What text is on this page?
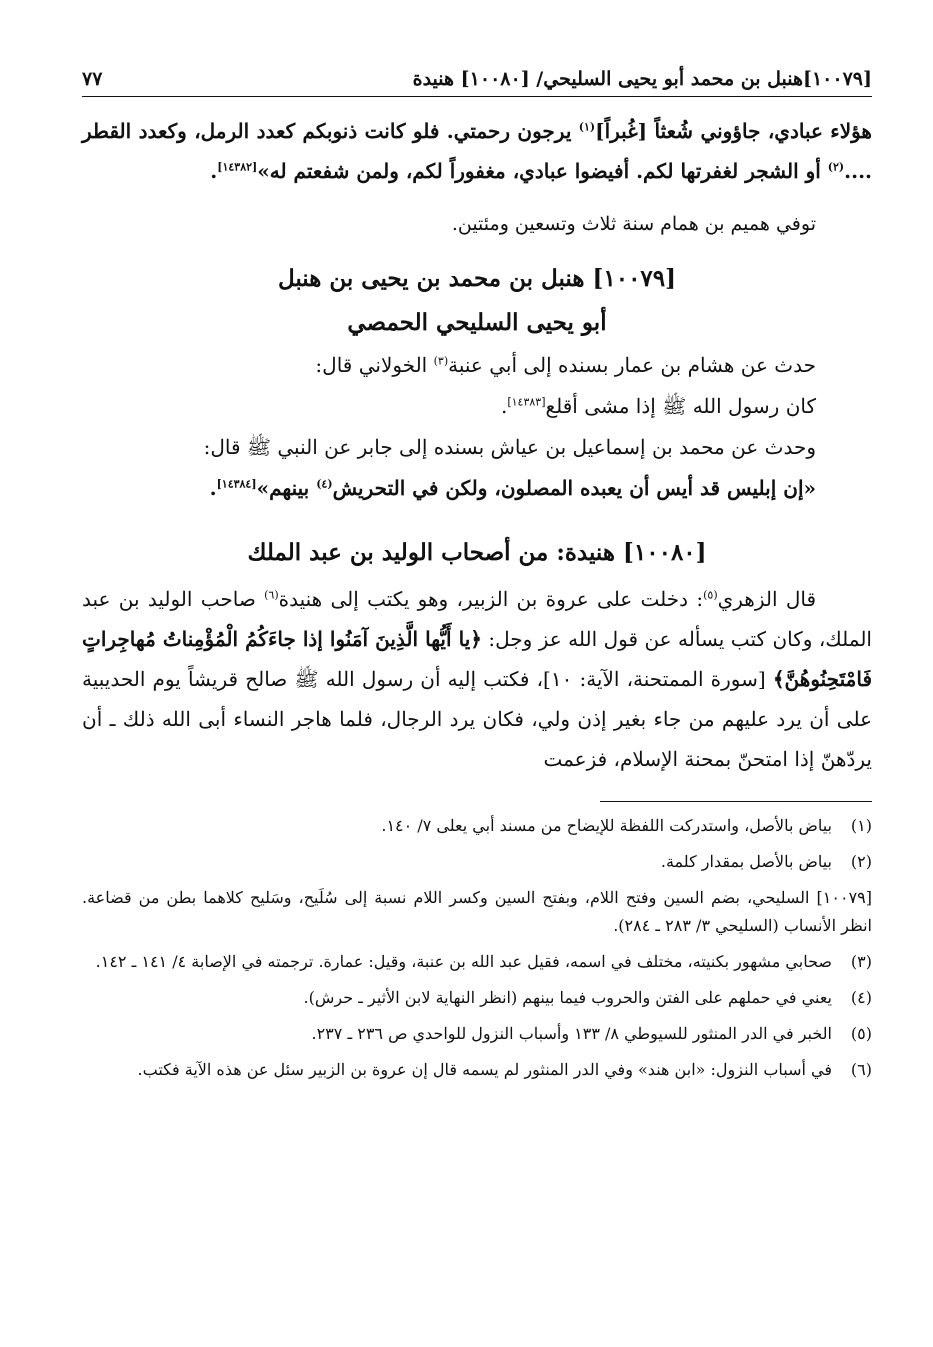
[١٠٠٧٩]هنبل بن محمد أبو يحيى السليحي/ [١٠٠٨٠] هنيدة
٧٧

هؤلاء عبادي، جاؤوني شُعثاً [غُبراً]$^{(١)}$ يرجون رحمتي. فلو كانت ذنوبكم كعدد الرمل، وكعدد القطر ....$^{(٢)}$ أو الشجر لغفرتها لكم. أفيضوا عبادي، مغفوراً لكم، ولمن شفعتم له»[١٤٣٨٢].

توفي هميم بن همام سنة ثلاث وتسعين ومئتين.

[١٠٠٧٩] هنبل بن محمد بن يحيى بن هنبل
أبو يحيى السليحي الحمصي

حدث عن هشام بن عمار بسنده إلى أبي عنبة$^{(٣)}$ الخولاني قال:

كان رسول الله ﷺ إذا مشى أقلع[١٤٣٨٣].

وحدث عن محمد بن إسماعيل بن عياش بسنده إلى جابر عن النبي ﷺ قال:

«إن إبليس قد أيس أن يعبده المصلون، ولكن في التحريش$^{(٤)}$ بينهم»[١٤٣٨٤].

[١٠٠٨٠] هنيدة: من أصحاب الوليد بن عبد الملك

قال الزهري$^{(٥)}$: دخلت على عروة بن الزبير، وهو يكتب إلى هنيدة$^{(٦)}$ صاحب الوليد بن عبد الملك، وكان كتب يسأله عن قول الله عز وجل: ﴿يا أَيُّها الَّذِينَ آمَنُوا إذا جاءَكُمُ الْمُؤْمِناتُ مُهاجِراتٍ فَامْتَحِنُوهُنَّ﴾ [سورة الممتحنة، الآية: ١٠]، فكتب إليه أن رسول الله ﷺ صالح قريشاً يوم الحديبية على أن يرد عليهم من جاء بغير إذن ولي، فكان يرد الرجال، فلما هاجر النساء أبى الله ذلك ـ أن يردّهنّ إذا امتحنّ بمحنة الإسلام، فزعمت

(١)
بياض بالأصل، واستدركت اللفظة للإيضاح من مسند أبي يعلى ٧/ ١٤٠.
(٢)
بياض بالأصل بمقدار كلمة.
[١٠٠٧٩] السليحي، بضم السين وفتح اللام، وبفتح السين وكسر اللام نسبة إلى سُلَيح، وسَليح كلاهما بطن من قضاعة. انظر الأنساب (السليحي ٣/ ٢٨٣ ـ ٢٨٤).
(٣)
صحابي مشهور بكنيته، مختلف في اسمه، فقيل عبد الله بن عنبة، وقيل: عمارة. ترجمته في الإصابة ٤/ ١٤١ ـ ١٤٢.
(٤)
يعني في حملهم على الفتن والحروب فيما بينهم (انظر النهاية لابن الأثير ـ حرش).
(٥)
الخبر في الدر المنثور للسيوطي ٨/ ١٣٣ وأسباب النزول للواحدي ص ٢٣٦ ـ ٢٣٧.
(٦)
في أسباب النزول: «ابن هند» وفي الدر المنثور لم يسمه قال إن عروة بن الزبير سئل عن هذه الآية فكتب.
